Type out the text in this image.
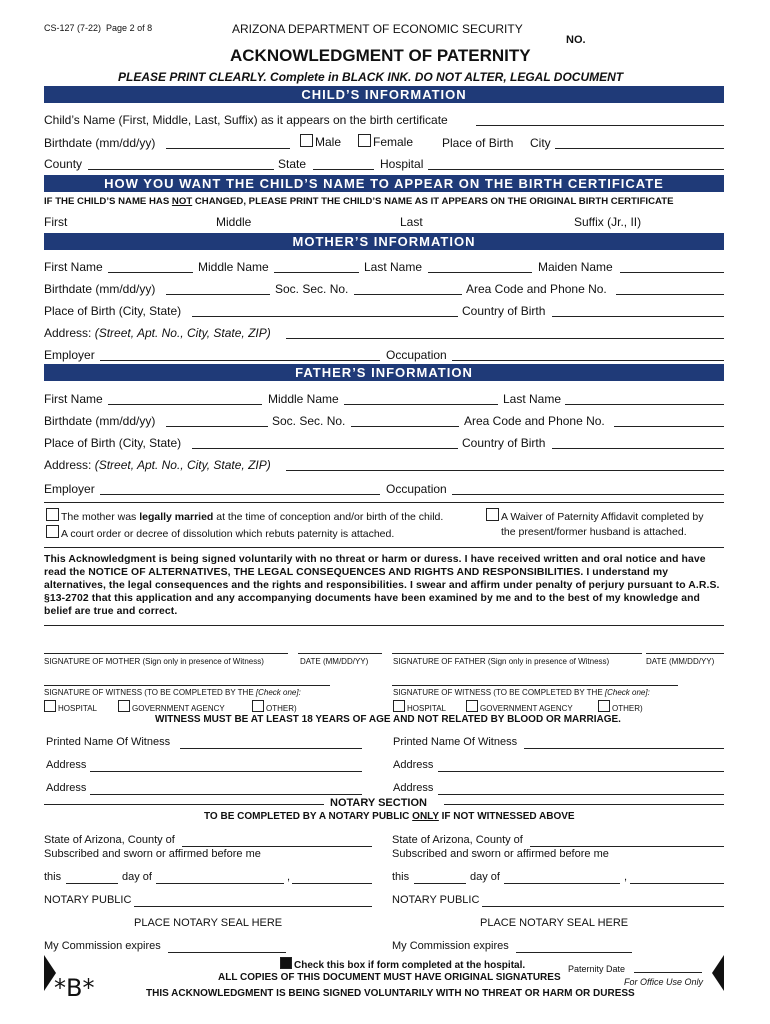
CS-127 (7-22) Page 2 of 8	ARIZONA DEPARTMENT OF ECONOMIC SECURITY
NO.
ACKNOWLEDGMENT OF PATERNITY
PLEASE PRINT CLEARLY. Complete in BLACK INK. DO NOT ALTER, LEGAL DOCUMENT
CHILD’S INFORMATION
Child’s Name (First, Middle, Last, Suffix) as it appears on the birth certificate
Birthdate (mm/dd/yy)	Male	Female Place of Birth City
County	State	Hospital
HOW YOU WANT THE CHILD’S NAME TO APPEAR ON THE BIRTH CERTIFICATE
IF THE CHILD’S NAME HAS NOT CHANGED, PLEASE PRINT THE CHILD’S NAME AS IT APPEARS ON THE ORIGINAL BIRTH CERTIFICATE
First	Middle	Last	Suffix (Jr., II)
MOTHER’S INFORMATION
First Name	Middle Name	Last Name	Maiden Name
Birthdate (mm/dd/yy)	Soc. Sec. No.	Area Code and Phone No.
Place of Birth (City, State)	Country of Birth
Address: (Street, Apt. No., City, State, ZIP)
Employer	Occupation
FATHER’S INFORMATION
First Name	Middle Name	Last Name
Birthdate (mm/dd/yy)	Soc. Sec. No.	Area Code and Phone No.
Place of Birth (City, State)	Country of Birth
Address: (Street, Apt. No., City, State, ZIP)
Employer	Occupation
The mother was legally married at the time of conception and/or birth of the child.
A court order or decree of dissolution which rebuts paternity is attached.
A Waiver of Paternity Affidavit completed by
the present/former husband is attached.
This Acknowledgment is being signed voluntarily with no threat or harm or duress. I have received written and oral notice and have read the NOTICE OF ALTERNATIVES, THE LEGAL CONSEQUENCES AND RIGHTS AND RESPONSIBILITIES. I understand my alternatives, the legal consequences and the rights and responsibilities. I swear and affirm under penalty of perjury pursuant to A.R.S. §13-2702 that this application and any accompanying documents have been examined by me and to the best of my knowledge and belief are true and correct.
SIGNATURE OF MOTHER (Sign only in presence of Witness)	DATE (MM/DD/YY)	SIGNATURE OF FATHER (Sign only in presence of Witness)	DATE (MM/DD/YY)
SIGNATURE OF WITNESS (TO BE COMPLETED BY THE [Check one]:	SIGNATURE OF WITNESS (TO BE COMPLETED BY THE [Check one]:
HOSPITAL	GOVERNMENT AGENCY	OTHER)	HOSPITAL	GOVERNMENT AGENCY	OTHER)
WITNESS MUST BE AT LEAST 18 YEARS OF AGE AND NOT RELATED BY BLOOD OR MARRIAGE.
Printed Name Of Witness	Printed Name Of Witness
Address	Address
Address	Address
NOTARY SECTION
TO BE COMPLETED BY A NOTARY PUBLIC ONLY IF NOT WITNESSED ABOVE
State of Arizona, County of	State of Arizona, County of
Subscribed and sworn or affirmed before me	Subscribed and sworn or affirmed before me
this	day of	,	this	day of	,
NOTARY PUBLIC	NOTARY PUBLIC
PLACE NOTARY SEAL HERE	PLACE NOTARY SEAL HERE
My Commission expires	My Commission expires
*B*
Check this box if form completed at the hospital.
ALL COPIES OF THIS DOCUMENT MUST HAVE ORIGINAL SIGNATURES
THIS ACKNOWLEDGMENT IS BEING SIGNED VOLUNTARILY WITH NO THREAT OR HARM OR DURESS
Paternity Date
For Office Use Only
